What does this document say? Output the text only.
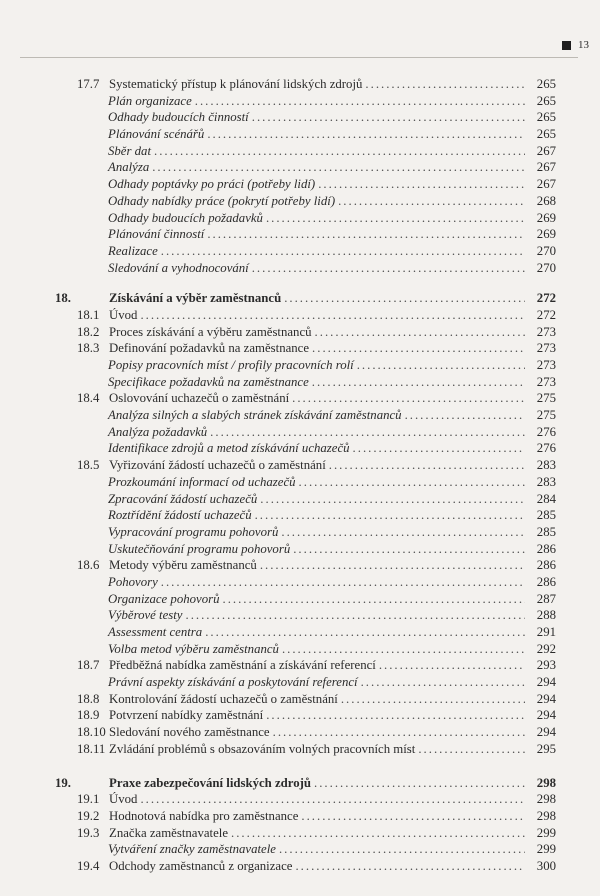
13
17.7 Systematický přístup k plánování lidských zdrojů .....	265
Plán organizace .....	265
Odhady budoucích činností .....	265
Plánování scénářů .....	265
Sběr dat .....	267
Analýza .....	267
Odhady poptávky po práci (potřeby lidí) .....	267
Odhady nabídky práce (pokrytí potřeby lidí) .....	268
Odhady budoucích požadavků .....	269
Plánování činností .....	269
Realizace .....	270
Sledování a vyhodnocování .....	270
18.	Získávání a výběr zaměstnanců .....	272
18.1 Úvod .....	272
18.2 Proces získávání a výběru zaměstnanců .....	273
18.3 Definování požadavků na zaměstnance .....	273
Popisy pracovních míst / profily pracovních rolí .....	273
Specifikace požadavků na zaměstnance .....	273
18.4 Oslovování uchazečů o zaměstnání .....	275
Analýza silných a slabých stránek získávání zaměstnanců .....	275
Analýza požadavků .....	276
Identifikace zdrojů a metod získávání uchazečů .....	276
18.5 Vyřizování žádostí uchazečů o zaměstnání .....	283
Prozkoumání informací od uchazečů .....	283
Zpracování žádostí uchazečů .....	284
Roztřídění žádostí uchazečů .....	285
Vypracování programu pohovorů .....	285
Uskutečňování programu pohovorů .....	286
18.6 Metody výběru zaměstnanců .....	286
Pohovory .....	286
Organizace pohovorů .....	287
Výběrové testy .....	288
Assessment centra .....	291
Volba metod výběru zaměstnanců .....	292
18.7 Předběžná nabídka zaměstnání a získávání referencí .....	293
Právní aspekty získávání a poskytování referencí .....	294
18.8 Kontrolování žádostí uchazečů o zaměstnání .....	294
18.9 Potvrzení nabídky zaměstnání .....	294
18.10 Sledování nového zaměstnance .....	294
18.11 Zvládání problémů s obsazováním volných pracovních míst .....	295
19.	Praxe zabezpečování lidských zdrojů .....	298
19.1 Úvod .....	298
19.2 Hodnotová nabídka pro zaměstnance .....	298
19.3 Značka zaměstnavatele .....	299
Vytváření značky zaměstnavatele .....	299
19.4 Odchody zaměstnanců z organizace .....	300
